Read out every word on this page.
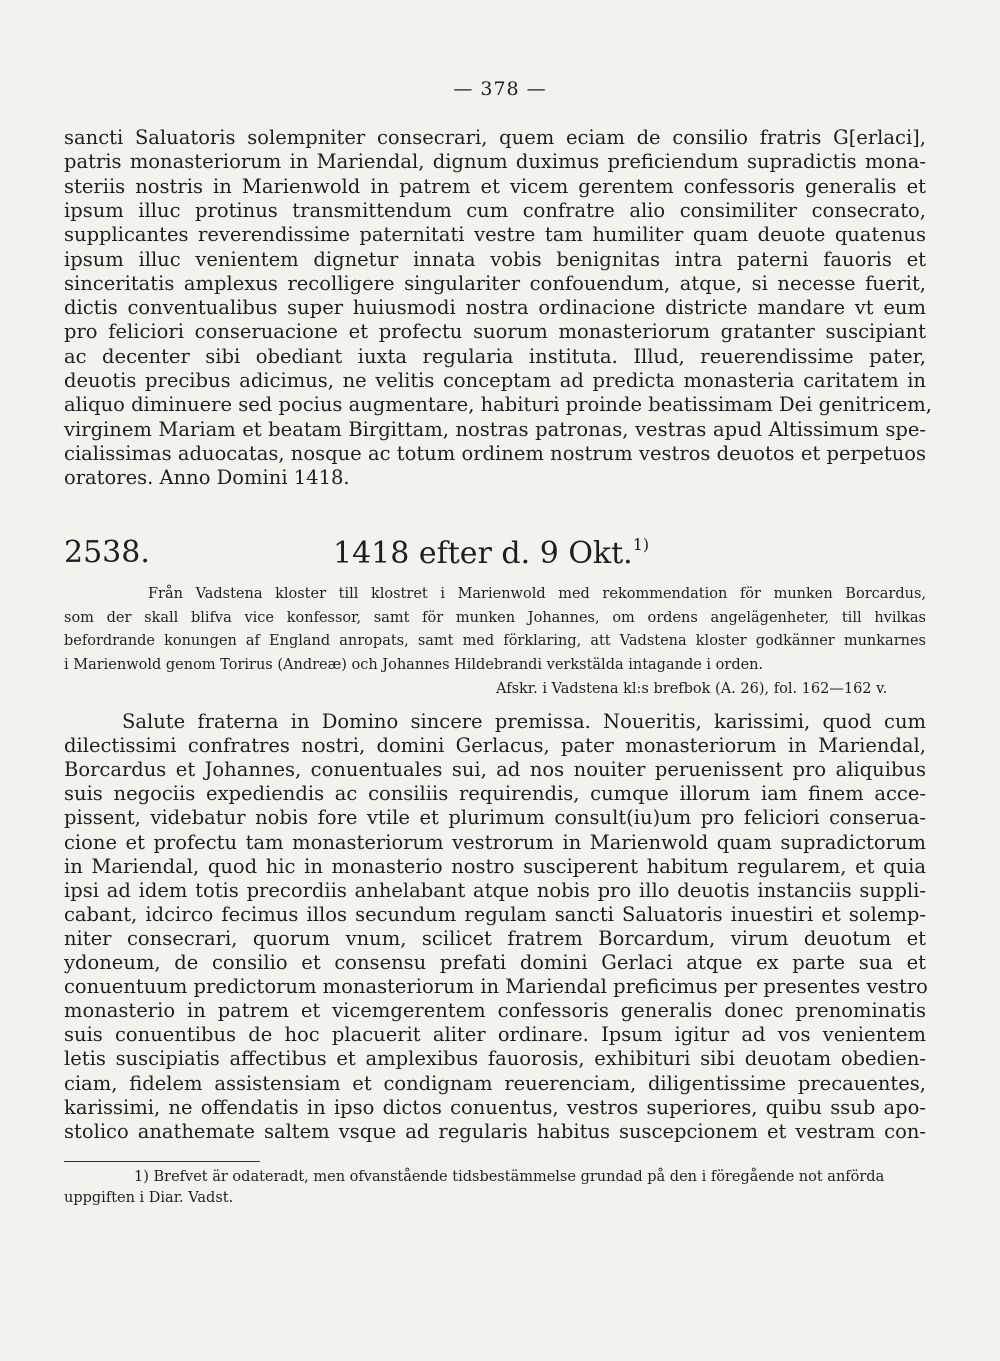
— 378 —
sancti Saluatoris solempniter consecrari, quem eciam de consilio fratris G[erlaci],
patris monasteriorum in Mariendal, dignum duximus preficiendum supradictis mona-
steriis nostris in Marienwold in patrem et vicem gerentem confessoris generalis et
ipsum illuc protinus transmittendum cum confratre alio consimiliter consecrato,
supplicantes reverendissime paternitati vestre tam humiliter quam deuote quatenus
ipsum illuc venientem dignetur innata vobis benignitas intra paterni fauoris et
sinceritatis amplexus recolligere singulariter confouendum, atque, si necesse fuerit,
dictis conventualibus super huiusmodi nostra ordinacione districte mandare vt eum
pro feliciori conseruacione et profectu suorum monasteriorum gratanter suscipiant
ac decenter sibi obediant iuxta regularia instituta. Illud, reuerendissime pater,
deuotis precibus adicimus, ne velitis conceptam ad predicta monasteria caritatem in
aliquo diminuere sed pocius augmentare, habituri proinde beatissimam Dei genitricem,
virginem Mariam et beatam Birgittam, nostras patronas, vestras apud Altissimum spe-
cialissimas aduocatas, nosque ac totum ordinem nostrum vestros deuotos et perpetuos
oratores. Anno Domini 1418.
2538.	1418 efter d. 9 Okt.$^{1)}$
Från Vadstena kloster till klostret i Marienwold med rekommendation för munken Borcardus,
som der skall blifva vice konfessor, samt för munken Johannes, om ordens angelägenheter, till hvilkas
befordrande konungen af England anropats, samt med förklaring, att Vadstena kloster godkänner munkarnes
i Marienwold genom Torirus (Andreæ) och Johannes Hildebrandi verkstälda intagande i orden.
Afskr. i Vadstena kl:s brefbok (A. 26), fol. 162—162 v.
Salute fraterna in Domino sincere premissa. Noueritis, karissimi, quod cum
dilectissimi confratres nostri, domini Gerlacus, pater monasteriorum in Mariendal,
Borcardus et Johannes, conuentuales sui, ad nos nouiter peruenissent pro aliquibus
suis negociis expediendis ac consiliis requirendis, cumque illorum iam finem acce-
pissent, videbatur nobis fore vtile et plurimum consult(iu)um pro feliciori conserua-
cione et profectu tam monasteriorum vestrorum in Marienwold quam supradictorum
in Mariendal, quod hic in monasterio nostro susciperent habitum regularem, et quia
ipsi ad idem totis precordiis anhelabant atque nobis pro illo deuotis instanciis suppli-
cabant, idcirco fecimus illos secundum regulam sancti Saluatoris inuestiri et solemp-
niter consecrari, quorum vnum, scilicet fratrem Borcardum, virum deuotum et
ydoneum, de consilio et consensu prefati domini Gerlaci atque ex parte sua et
conuentuum predictorum monasteriorum in Mariendal preficimus per presentes vestro
monasterio in patrem et vicemgerentem confessoris generalis donec prenominatis
suis conuentibus de hoc placuerit aliter ordinare. Ipsum igitur ad vos venientem
letis suscipiatis affectibus et amplexibus fauorosis, exhibituri sibi deuotam obedien-
ciam, fidelem assistensiam et condignam reuerenciam, diligentissime precauentes,
karissimi, ne offendatis in ipso dictos conuentus, vestros superiores, quibu ssub apo-
stolico anathemate saltem vsque ad regularis habitus suscepcionem et vestram con-
1) Brefvet är odateradt, men ofvanstående tidsbestämmelse grundad på den i föregående not anförda
uppgiften i Diar. Vadst.
